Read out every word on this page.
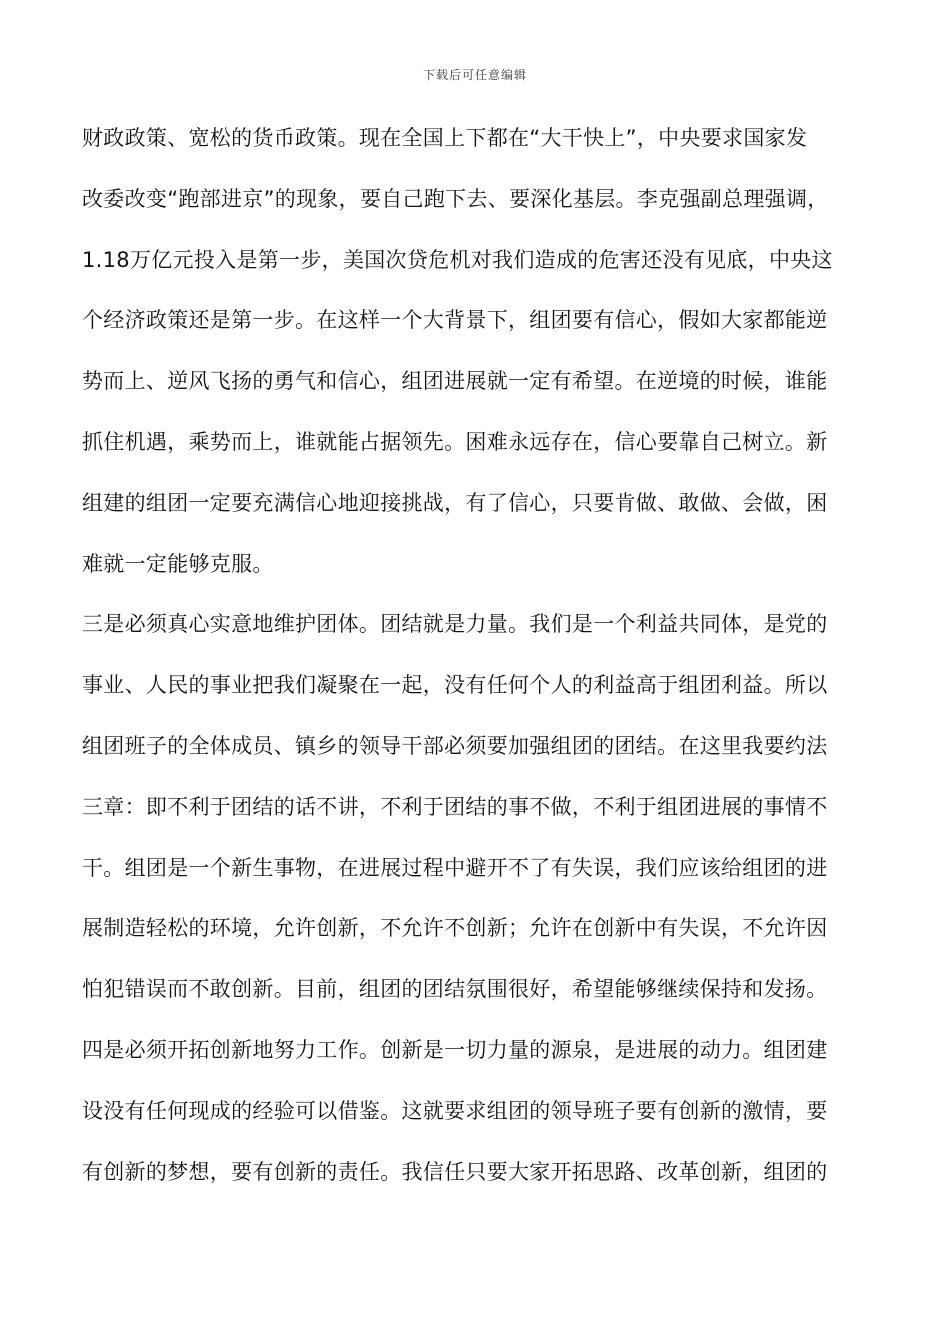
下载后可任意编辑
财政政策、宽松的货币政策。现在全国上下都在“大干快上”，中央要求国家发
改委改变“跑部进京”的现象，要自己跑下去、要深化基层。李克强副总理强调，
1.18万亿元投入是第一步，美国次贷危机对我们造成的危害还没有见底，中央这
个经济政策还是第一步。在这样一个大背景下，组团要有信心，假如大家都能逆
势而上、逆风飞扬的勇气和信心，组团进展就一定有希望。在逆境的时候，谁能
抓住机遇，乘势而上，谁就能占据领先。困难永远存在，信心要靠自己树立。新
组建的组团一定要充满信心地迎接挑战，有了信心，只要肯做、敢做、会做，困
难就一定能够克服。
三是必须真心实意地维护团体。团结就是力量。我们是一个利益共同体，是党的
事业、人民的事业把我们凝聚在一起，没有任何个人的利益高于组团利益。所以
组团班子的全体成员、镇乡的领导干部必须要加强组团的团结。在这里我要约法
三章：即不利于团结的话不讲，不利于团结的事不做，不利于组团进展的事情不
干。组团是一个新生事物，在进展过程中避开不了有失误，我们应该给组团的进
展制造轻松的环境，允许创新，不允许不创新；允许在创新中有失误，不允许因
怕犯错误而不敢创新。目前，组团的团结氛围很好，希望能够继续保持和发扬。
四是必须开拓创新地努力工作。创新是一切力量的源泉，是进展的动力。组团建
设没有任何现成的经验可以借鉴。这就要求组团的领导班子要有创新的激情，要
有创新的梦想，要有创新的责任。我信任只要大家开拓思路、改革创新，组团的
